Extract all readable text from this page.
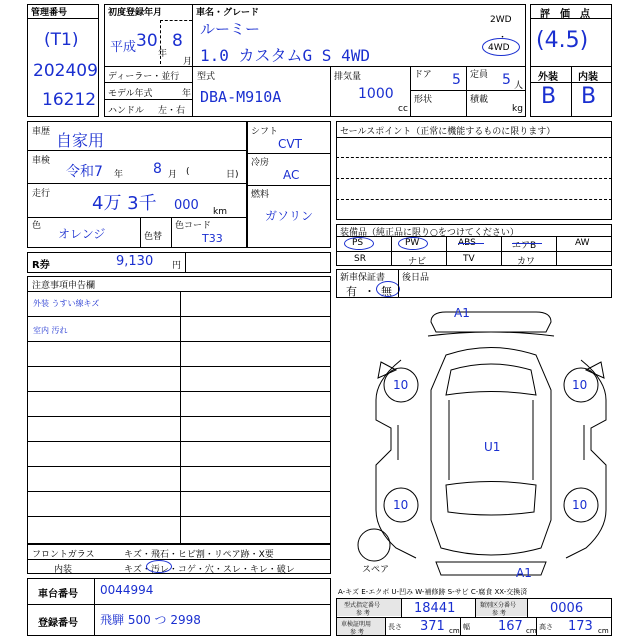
管理番号
(T1)
202409
16212
初度登録年月
平成 30
年
8
月
車名・グレード
ルーミー
1.0 カスタムG S 4WD
2WD
・
4WD
ディーラー・並行
モデル年式	年
ハンドル 左・右
型式
DBA-M910A
排気量
1000
cc
ドア 5
形状
定員 5 人
積載
kg
評　価　点
(4.5)
外装 内装
B B
車歴 自家用
車検
令和7 年 8 月 (	日)
走行 4万 3千 000 km
色
オレンジ	色替
色コード
T33
シフト
CVT
冷房
AC
燃料
ガソリン
R券	9,130 円
セールスポイント（正常に機能するものに限ります）
装備品（純正品に限り○をつけてください）
PS	PW	ABS	エアB	AW
SR	ナビ	TV	カワ
新車保証書
有 ・ 無
後日品
注意事項申告欄
外装 うすい線キズ
室内 汚れ
フロントガラス	キズ・飛石・ヒビ割・リペア跡・X要
内装	キズ・汚レ・コゲ・穴・スレ・キレ・破レ
車台番号 0044994
登録番号 飛騨 500 つ 2998
A1
U1
A1
10	10
10	10
スペア
A-キズ E-エクボ U-凹み W-補修跡 S-サビ C-腐食 XX-交換済
型式指定番号
参 考	18441	類別区分番号
参 考	0006
車検証明用
参 考
長さ 371 cm 幅 167 cm 高さ 173 cm
